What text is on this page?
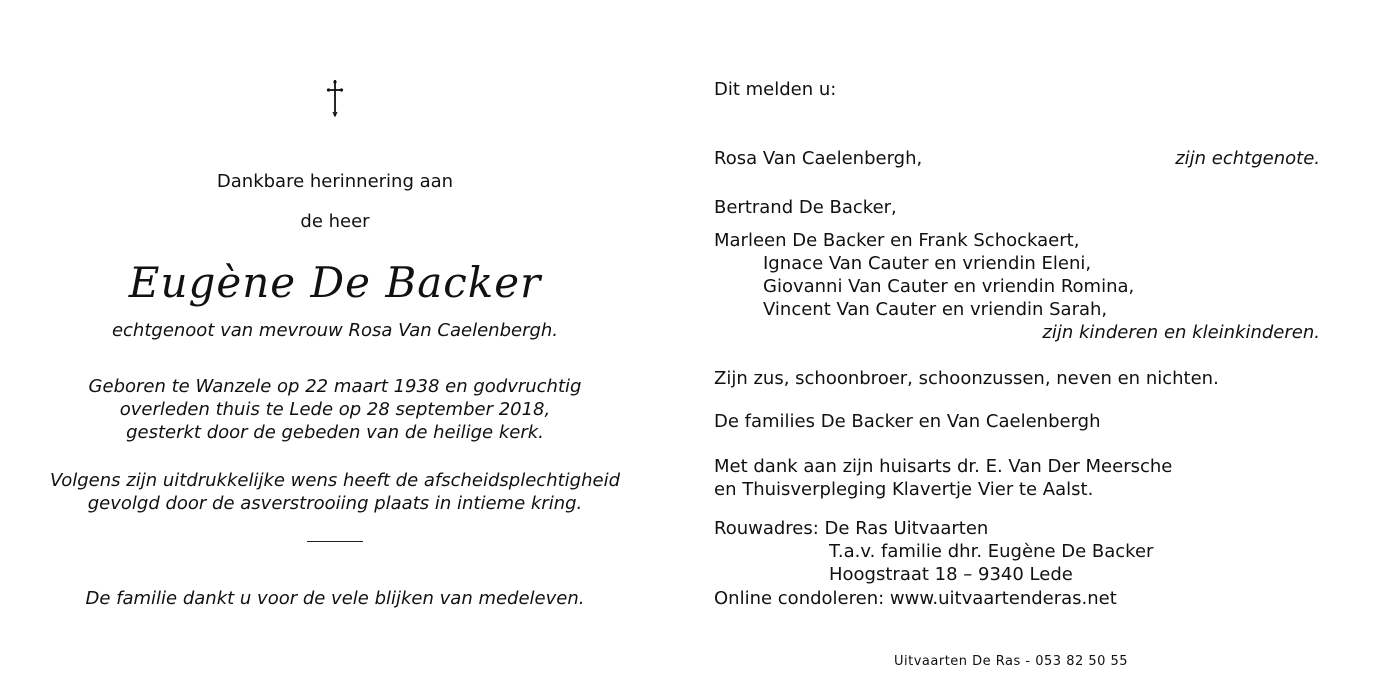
Dankbare herinnering aan
de heer
Eugène De Backer
echtgenoot van mevrouw Rosa Van Caelenbergh.
Geboren te Wanzele op 22 maart 1938 en godvruchtig
overleden thuis te Lede op 28 september 2018,
gesterkt door de gebeden van de heilige kerk.
Volgens zijn uitdrukkelijke wens heeft de afscheidsplechtigheid
gevolgd door de asverstrooiing plaats in intieme kring.
De familie dankt u voor de vele blijken van medeleven.
Dit melden u:
Rosa Van Caelenbergh,	zijn echtgenote.
Bertrand De Backer,
Marleen De Backer en Frank Schockaert,
Ignace Van Cauter en vriendin Eleni,
Giovanni Van Cauter en vriendin Romina,
Vincent Van Cauter en vriendin Sarah,
zijn kinderen en kleinkinderen.
Zijn zus, schoonbroer, schoonzussen, neven en nichten.
De families De Backer en Van Caelenbergh
Met dank aan zijn huisarts dr. E. Van Der Meersche
en Thuisverpleging Klavertje Vier te Aalst.
Rouwadres: De Ras Uitvaarten
T.a.v. familie dhr. Eugène De Backer
Hoogstraat 18 – 9340 Lede
Online condoleren: www.uitvaartenderas.net
Uitvaarten De Ras - 053 82 50 55
